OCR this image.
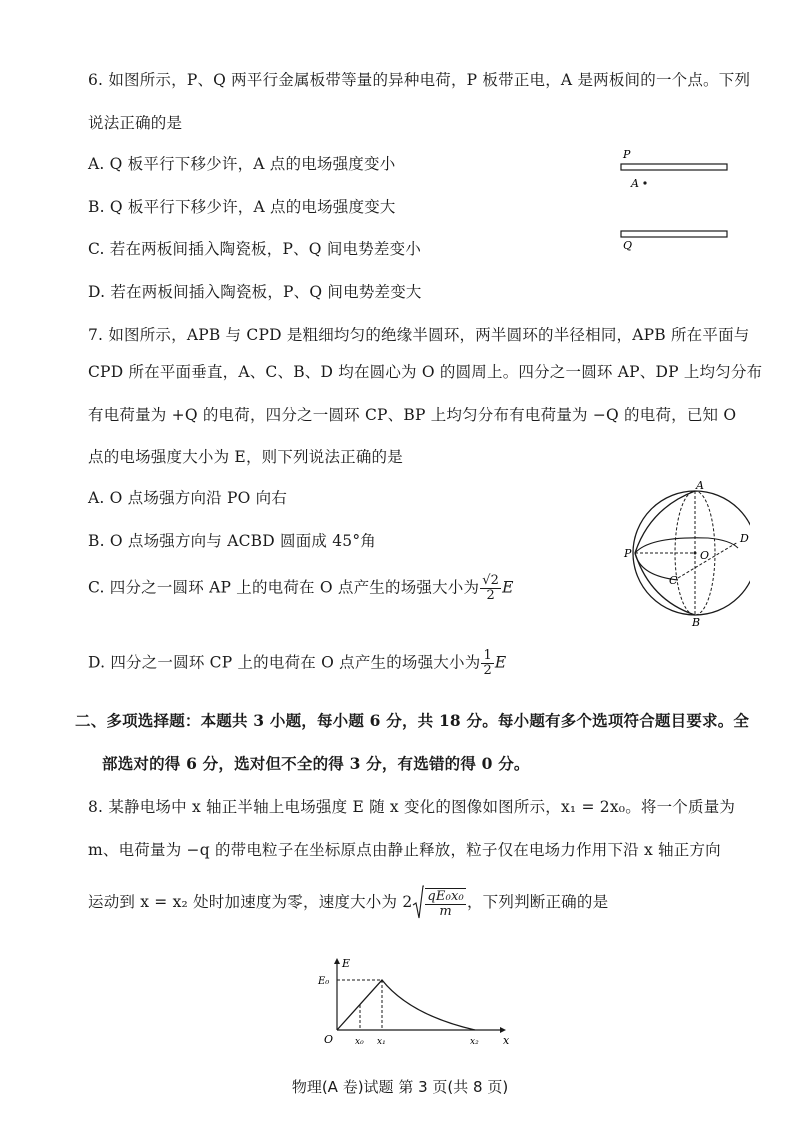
6. 如图所示，P、Q 两平行金属板带等量的异种电荷，P 板带正电，A 是两板间的一个点。下列
说法正确的是
A. Q 板平行下移少许，A 点的电场强度变小
B. Q 板平行下移少许，A 点的电场强度变大
C. 若在两板间插入陶瓷板，P、Q 间电势差变小
D. 若在两板间插入陶瓷板，P、Q 间电势差变大
P
A
Q
7. 如图所示，APB 与 CPD 是粗细均匀的绝缘半圆环，两半圆环的半径相同，APB 所在平面与
CPD 所在平面垂直，A、C、B、D 均在圆心为 O 的圆周上。四分之一圆环 AP、DP 上均匀分布
有电荷量为 +Q 的电荷，四分之一圆环 CP、BP 上均匀分布有电荷量为 −Q 的电荷，已知 O
点的电场强度大小为 E，则下列说法正确的是
A. O 点场强方向沿 PO 向右
B. O 点场强方向与 ACBD 圆面成 45°角
C. 四分之一圆环 AP 上的电荷在 O 点产生的场强大小为 $\frac{√2}{2}$ E
D. 四分之一圆环 CP 上的电荷在 O 点产生的场强大小为 $\frac{1}{2}$ E
A
B
C
D
P	O
二、多项选择题：本题共 3 小题，每小题 6 分，共 18 分。每小题有多个选项符合题目要求。全
部选对的得 6 分，选对但不全的得 3 分，有选错的得 0 分。
8. 某静电场中 x 轴正半轴上电场强度 E 随 x 变化的图像如图所示，x₁ = 2x₀。将一个质量为
m、电荷量为 −q 的带电粒子在坐标原点由静止释放，粒子仅在电场力作用下沿 x 轴正方向
运动到 x = x₂ 处时加速度为零，速度大小为 $2 \frac{\text{qE₀x₀}}{m}$ ，下列判断正确的是
E
x
E₀
O x₀ x₁	x₂
物理(A 卷)试题 第 3 页(共 8 页)
